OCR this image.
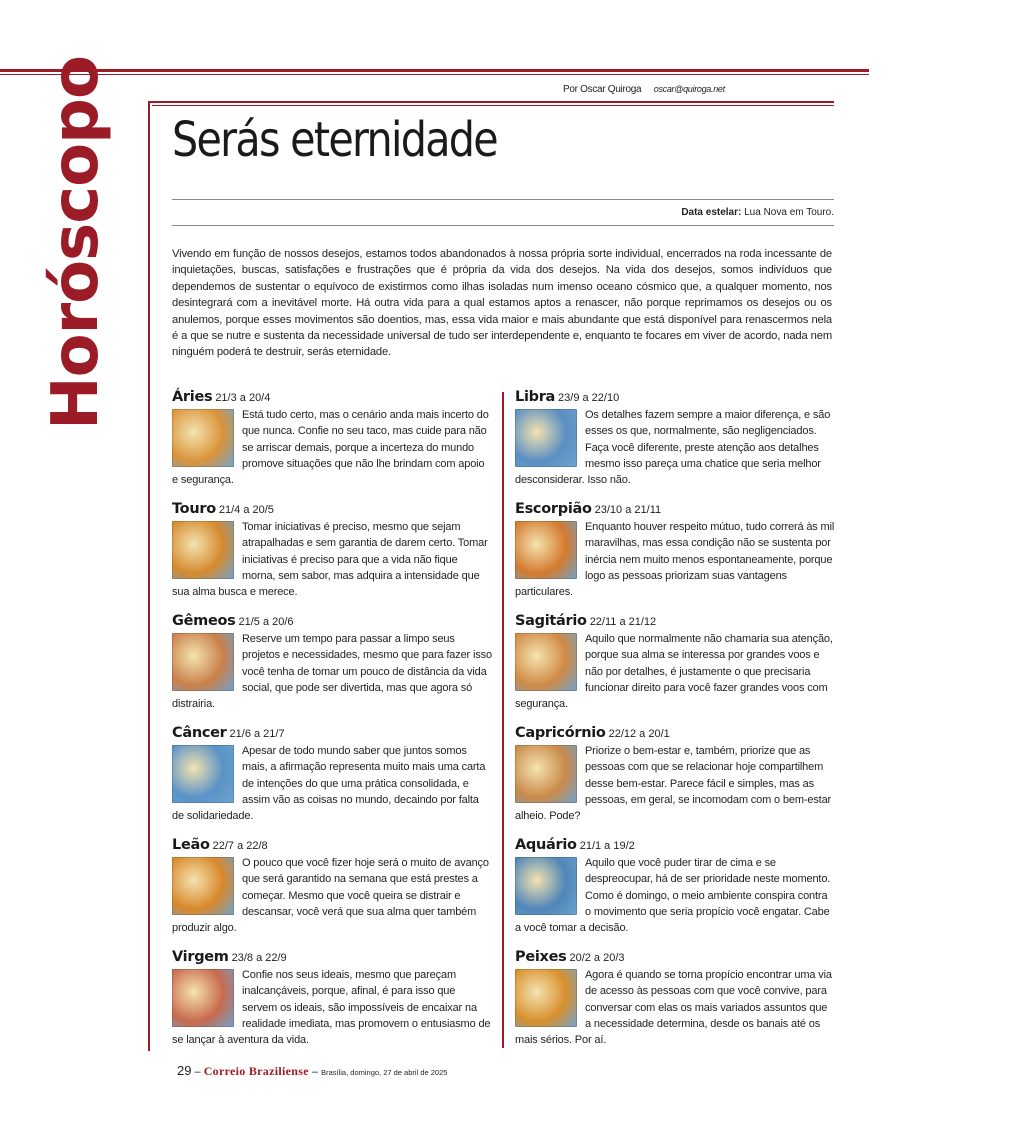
Por Oscar Quiroga oscar@quiroga.net
Horóscopo Serás eternidade
Data estelar: Lua Nova em Touro.
Vivendo em função de nossos desejos, estamos todos abandonados à nossa própria sorte individual, encerrados na roda incessante de inquietações, buscas, satisfações e frustrações que é própria da vida dos desejos. Na vida dos desejos, somos indivíduos que dependemos de sustentar o equívoco de existirmos como ilhas isoladas num imenso oceano cósmico que, a qualquer momento, nos desintegrará com a inevitável morte. Há outra vida para a qual estamos aptos a renascer, não porque reprimamos os desejos ou os anulemos, porque esses movimentos são doentios, mas, essa vida maior e mais abundante que está disponível para renascermos nela é a que se nutre e sustenta da necessidade universal de tudo ser interdependente e, enquanto te focares em viver de acordo, nada nem ninguém poderá te destruir, serás eternidade.
Áries 21/3 a 20/4
Está tudo certo, mas o cenário anda mais incerto do que nunca. Confie no seu taco, mas cuide para não se arriscar demais, porque a incerteza do mundo promove situações que não lhe brindam com apoio e segurança.
Touro 21/4 a 20/5
Tomar iniciativas é preciso, mesmo que sejam atrapalhadas e sem garantia de darem certo. Tomar iniciativas é preciso para que a vida não fique morna, sem sabor, mas adquira a intensidade que sua alma busca e merece.
Gêmeos 21/5 a 20/6
Reserve um tempo para passar a limpo seus projetos e necessidades, mesmo que para fazer isso você tenha de tomar um pouco de distância da vida social, que pode ser divertida, mas que agora só distrairia.
Câncer 21/6 a 21/7
Apesar de todo mundo saber que juntos somos mais, a afirmação representa muito mais uma carta de intenções do que uma prática consolidada, e assim vão as coisas no mundo, decaindo por falta de solidariedade.
Leão 22/7 a 22/8
O pouco que você fizer hoje será o muito de avanço que será garantido na semana que está prestes a começar. Mesmo que você queira se distrair e descansar, você verá que sua alma quer também produzir algo.
Virgem 23/8 a 22/9
Confie nos seus ideais, mesmo que pareçam inalcançáveis, porque, afinal, é para isso que servem os ideais, são impossíveis de encaixar na realidade imediata, mas promovem o entusiasmo de se lançar à aventura da vida.
Libra 23/9 a 22/10
Os detalhes fazem sempre a maior diferença, e são esses os que, normalmente, são negligenciados. Faça você diferente, preste atenção aos detalhes mesmo isso pareça uma chatice que seria melhor desconsiderar. Isso não.
Escorpião 23/10 a 21/11
Enquanto houver respeito mútuo, tudo correrá às mil maravilhas, mas essa condição não se sustenta por inércia nem muito menos espontaneamente, porque logo as pessoas priorizam suas vantagens particulares.
Sagitário 22/11 a 21/12
Aquilo que normalmente não chamaria sua atenção, porque sua alma se interessa por grandes voos e não por detalhes, é justamente o que precisaria funcionar direito para você fazer grandes voos com segurança.
Capricórnio 22/12 a 20/1
Priorize o bem-estar e, também, priorize que as pessoas com que se relacionar hoje compartilhem desse bem-estar. Parece fácil e simples, mas as pessoas, em geral, se incomodam com o bem-estar alheio. Pode?
Aquário 21/1 a 19/2
Aquilo que você puder tirar de cima e se despreocupar, há de ser prioridade neste momento. Como é domingo, o meio ambiente conspira contra o movimento que seria propício você engatar. Cabe a você tomar a decisão.
Peixes 20/2 a 20/3
Agora é quando se torna propício encontrar uma via de acesso às pessoas com que você convive, para conversar com elas os mais variados assuntos que a necessidade determina, desde os banais até os mais sérios. Por aí.
29 – Correio Braziliense – Brasília, domingo, 27 de abril de 2025
